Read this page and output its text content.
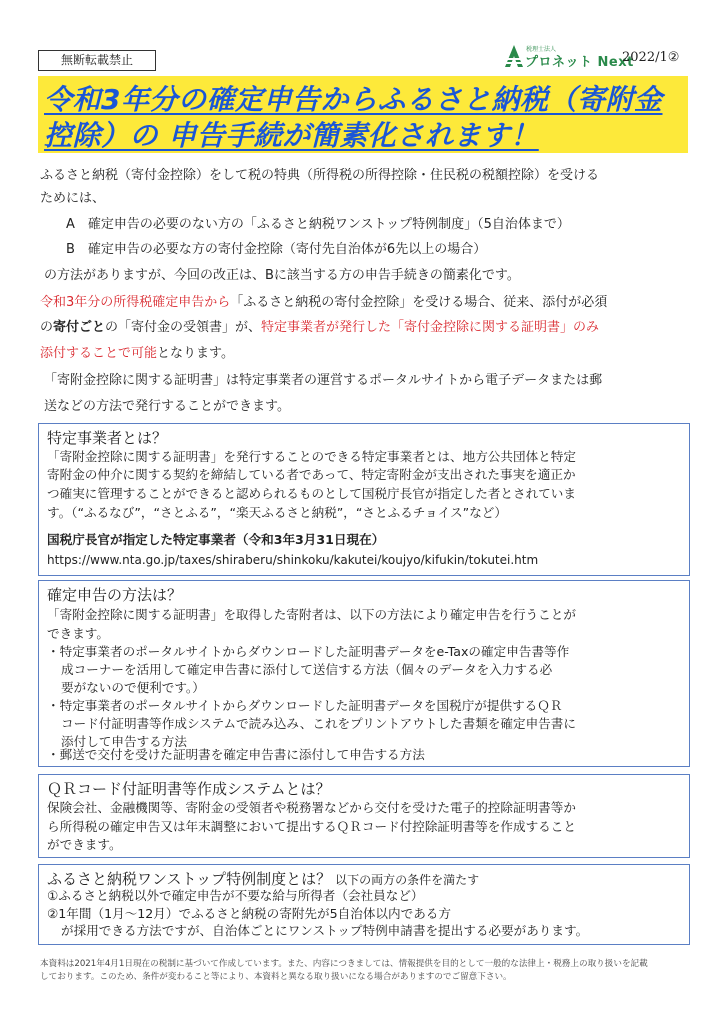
無断転載禁止
税理士法人
プロネット Next
2022/1②
令和3年分の確定申告からふるさと納税（寄附金
控除）の 申告手続が簡素化されます！
ふるさと納税（寄付金控除）をして税の特典（所得税の所得控除・住民税の税額控除）を受ける
ためには、
A　確定申告の必要のない方の「ふるさと納税ワンストップ特例制度」（5自治体まで）
B　確定申告の必要な方の寄付金控除（寄付先自治体が6先以上の場合）
の方法がありますが、今回の改正は、Bに該当する方の申告手続きの簡素化です。
令和3年分の所得税確定申告から「ふるさと納税の寄付金控除」を受ける場合、従来、添付が必須
の寄付ごとの「寄付金の受領書」が、特定事業者が発行した「寄付金控除に関する証明書」のみ
添付することで可能となります。
「寄附金控除に関する証明書」は特定事業者の運営するポータルサイトから電子データまたは郵
送などの方法で発行することができます。
特定事業者とは？
「寄附金控除に関する証明書」を発行することのできる特定事業者とは、地方公共団体と特定
寄附金の仲介に関する契約を締結している者であって、特定寄附金が支出された事実を適正か
つ確実に管理することができると認められるものとして国税庁長官が指定した者とされていま
す。（“ふるなび”，“さとふる”，“楽天ふるさと納税”，“さとふるチョイス”など）
国税庁長官が指定した特定事業者（令和3年3月31日現在）
https://www.nta.go.jp/taxes/shiraberu/shinkoku/kakutei/koujyo/kifukin/tokutei.htm
確定申告の方法は？
「寄附金控除に関する証明書」を取得した寄附者は、以下の方法により確定申告を行うことが
できます。
・特定事業者のポータルサイトからダウンロードした証明書データをe-Taxの確定申告書等作
成コーナーを活用して確定申告書に添付して送信する方法（個々のデータを入力する必
要がないので便利です。）
・特定事業者のポータルサイトからダウンロードした証明書データを国税庁が提供するＱＲ
コード付証明書等作成システムで読み込み、これをプリントアウトした書類を確定申告書に
添付して申告する方法
・郵送で交付を受けた証明書を確定申告書に添付して申告する方法
ＱＲコード付証明書等作成システムとは？
保険会社、金融機関等、寄附金の受領者や税務署などから交付を受けた電子的控除証明書等か
ら所得税の確定申告又は年末調整において提出するＱＲコード付控除証明書等を作成すること
ができます。
ふるさと納税ワンストップ特例制度とは？ 以下の両方の条件を満たす
①ふるさと納税以外で確定申告が不要な給与所得者（会社員など）
②1年間（1月～12月）でふるさと納税の寄附先が5自治体以内である方
が採用できる方法ですが、自治体ごとにワンストップ特例申請書を提出する必要があります。
本資料は2021年4月1日現在の税制に基づいて作成しています。また、内容につきましては、情報提供を目的として一般的な法律上・税務上の取り扱いを記載
しております。このため、条件が変わること等により、本資料と異なる取り扱いになる場合がありますのでご留意下さい。
